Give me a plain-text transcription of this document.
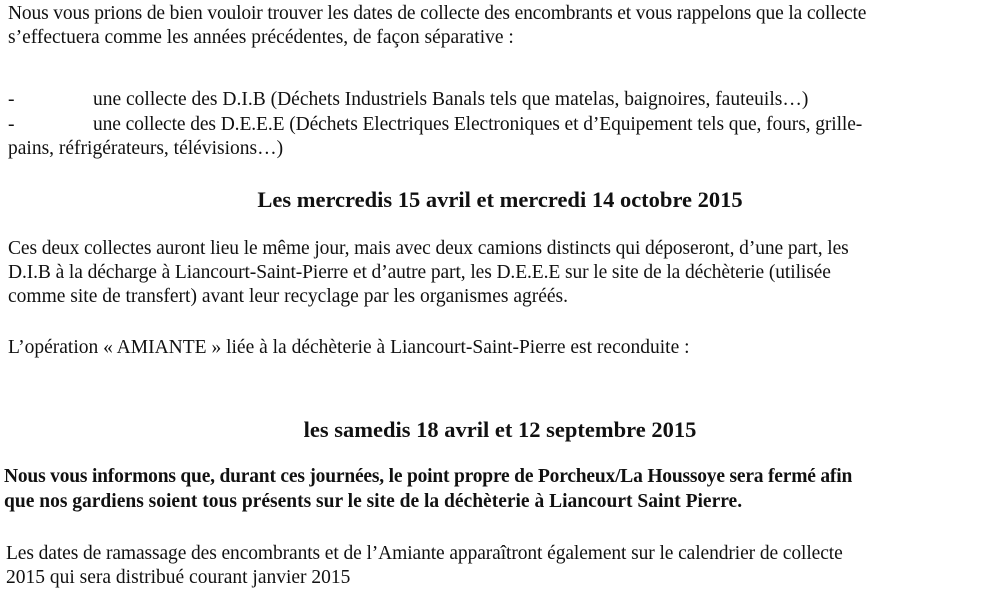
Nous vous prions de bien vouloir trouver les dates de collecte des encombrants et vous rappelons que la collecte
s’effectuera comme les années précédentes, de façon séparative :
-	une collecte des D.I.B (Déchets Industriels Banals tels que matelas, baignoires, fauteuils…)
-	une collecte des D.E.E.E (Déchets Electriques Electroniques et d’Equipement tels que, fours, grille-
pains, réfrigérateurs, télévisions…)
Les mercredis 15 avril et mercredi 14 octobre 2015
Ces deux collectes auront lieu le même jour, mais avec deux camions distincts qui déposeront, d’une part, les
D.I.B à la décharge à Liancourt-Saint-Pierre et d’autre part, les D.E.E.E sur le site de la déchèterie (utilisée
comme site de transfert) avant leur recyclage par les organismes agréés.
L’opération « AMIANTE » liée à la déchèterie à Liancourt-Saint-Pierre est reconduite :
les samedis 18 avril et 12 septembre 2015
Nous vous informons que, durant ces journées, le point propre de Porcheux/La Houssoye sera fermé afin
que nos gardiens soient tous présents sur le site de la déchèterie à Liancourt Saint Pierre.
Les dates de ramassage des encombrants et de l’Amiante apparaîtront également sur le calendrier de collecte
2015 qui sera distribué courant janvier 2015
